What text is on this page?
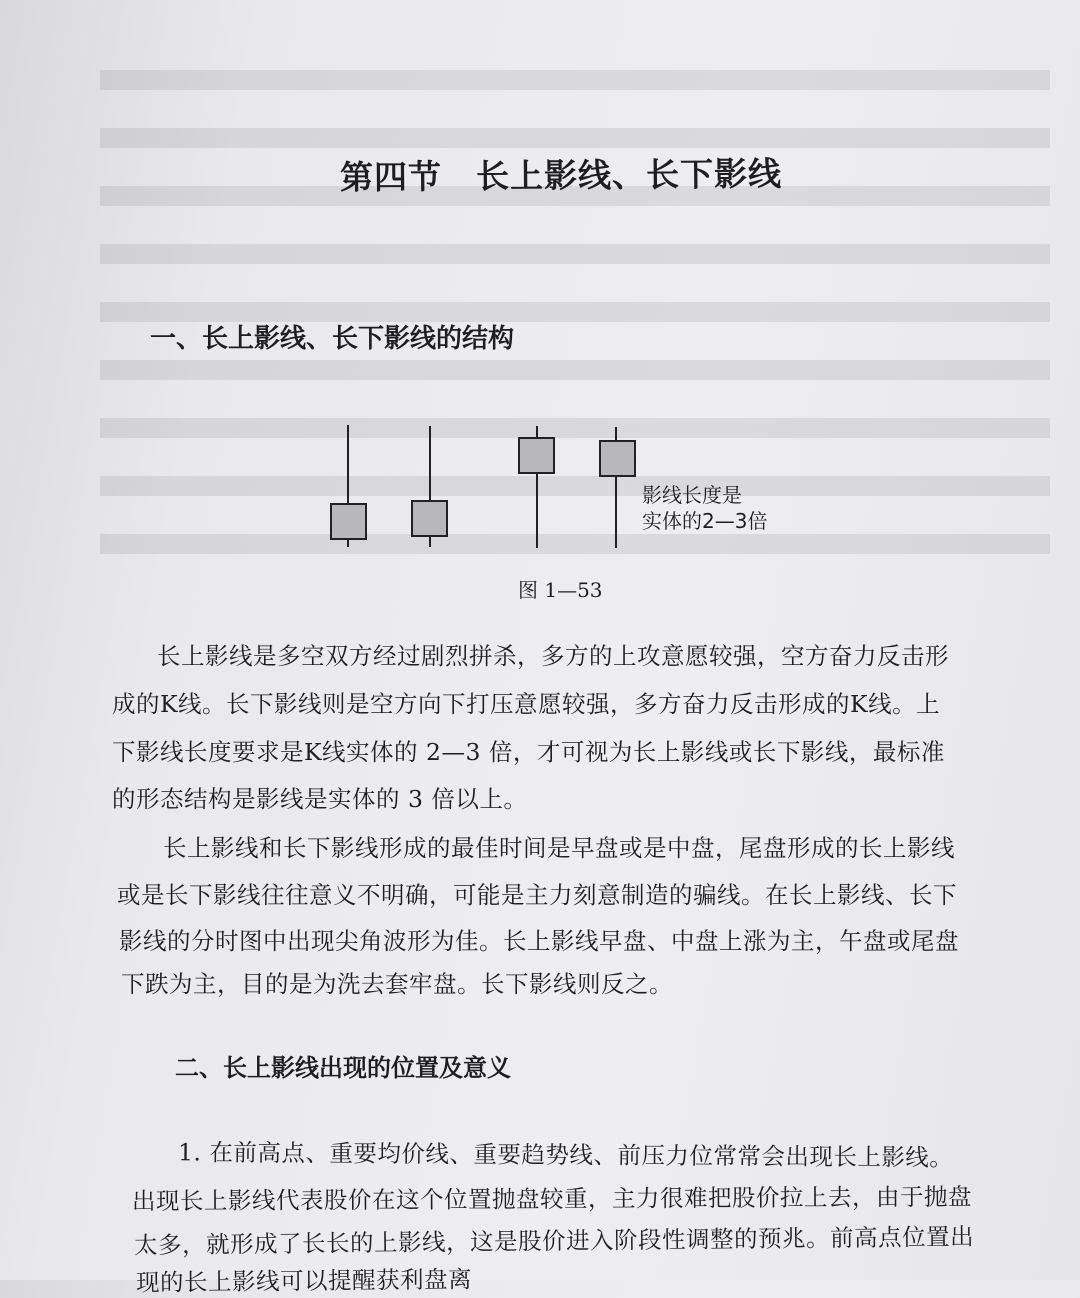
第四节　长上影线、长下影线
一、长上影线、长下影线的结构
影线长度是
实体的2—3倍
图 1—53
长上影线是多空双方经过剧烈拼杀，多方的上攻意愿较强，空方奋力反击形
成的K线。长下影线则是空方向下打压意愿较强，多方奋力反击形成的K线。上
下影线长度要求是K线实体的 2—3 倍，才可视为长上影线或长下影线，最标准
的形态结构是影线是实体的 3 倍以上。
长上影线和长下影线形成的最佳时间是早盘或是中盘，尾盘形成的长上影线
或是长下影线往往意义不明确，可能是主力刻意制造的骗线。在长上影线、长下
影线的分时图中出现尖角波形为佳。长上影线早盘、中盘上涨为主，午盘或尾盘
下跌为主，目的是为洗去套牢盘。长下影线则反之。
二、长上影线出现的位置及意义
1. 在前高点、重要均价线、重要趋势线、前压力位常常会出现长上影线。
出现长上影线代表股价在这个位置抛盘较重，主力很难把股价拉上去，由于抛盘
太多，就形成了长长的上影线，这是股价进入阶段性调整的预兆。前高点位置出
现的长上影线可以提醒获利盘离
